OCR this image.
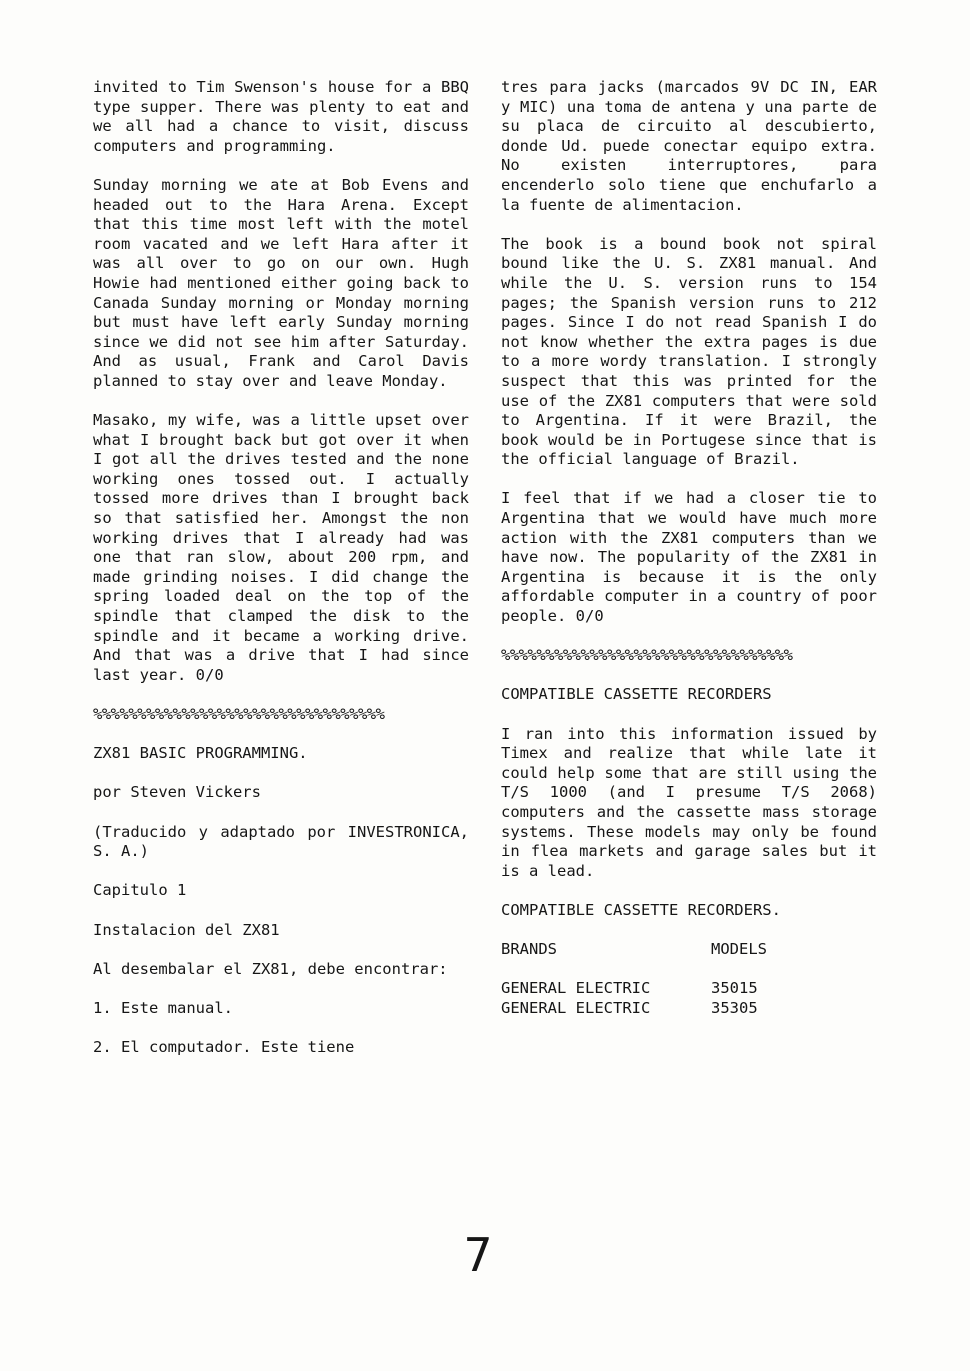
invited to Tim Swenson's house for a BBQ type supper. There was plenty to eat and we all had a chance to visit, discuss computers and programming.

Sunday morning we ate at Bob Evens and headed out to the Hara Arena. Except that this time most left with the motel room vacated and we left Hara after it was all over to go on our own. Hugh Howie had mentioned either going back to Canada Sunday morning or Monday morning but must have left early Sunday morning since we did not see him after Saturday. And as usual, Frank and Carol Davis planned to stay over and leave Monday.

Masako, my wife, was a little upset over what I brought back but got over it when I got all the drives tested and the none working ones tossed out. I actually tossed more drives than I brought back so that satisfied her. Amongst the non working drives that I already had was one that ran slow, about 200 rpm, and made grinding noises. I did change the spring loaded deal on the top of the spindle that clamped the disk to the spindle and it became a working drive. And that was a drive that I had since last year. 0/0

%%%%%%%%%%%%%%%%%%%%%%%%%%%%%%%%%
ZX81 BASIC PROGRAMMING.
por Steven Vickers

(Traducido y adaptado por INVESTRONICA, S. A.)

Capitulo 1
Instalacion del ZX81

Al desembalar el ZX81, debe encontrar:

1. Este manual.

2. El computador. Este tiene

tres para jacks (marcados 9V DC IN, EAR y MIC) una toma de antena y una parte de su placa de circuito al descubierto, donde Ud. puede conectar equipo extra. No existen interruptores, para encenderlo solo tiene que enchufarlo a la fuente de alimentacion.

The book is a bound book not spiral bound like the U. S. ZX81 manual. And while the U. S. version runs to 154 pages; the Spanish version runs to 212 pages. Since I do not read Spanish I do not know whether the extra pages is due to a more wordy translation. I strongly suspect that this was printed for the use of the ZX81 computers that were sold to Argentina. If it were Brazil, the book would be in Portugese since that is the official language of Brazil.

I feel that if we had a closer tie to Argentina that we would have much more action with the ZX81 computers than we have now. The popularity of the ZX81 in Argentina is because it is the only affordable computer in a country of poor people. 0/0

%%%%%%%%%%%%%%%%%%%%%%%%%%%%%%%%%
COMPATIBLE CASSETTE RECORDERS

I ran into this information issued by Timex and realize that while late it could help some that are still using the T/S 1000 (and I presume T/S 2068) computers and the cassette mass storage systems. These models may only be found in flea markets and garage sales but it is a lead.

COMPATIBLE CASSETTE RECORDERS.
BRANDS	MODELS

GENERAL ELECTRIC	35015
GENERAL ELECTRIC	35305
7
